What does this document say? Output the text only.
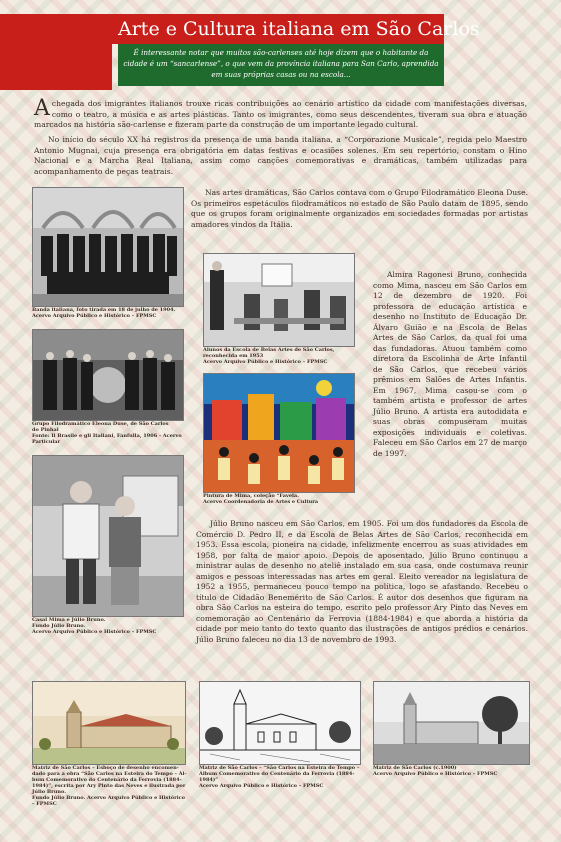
Arte e Cultura italiana em São Carlos
É interessante notar que muitos são-carlenses até hoje dizem que o habitante da cidade é um “sancarlense”, o que vem da província italiana para San Carlo, aprendida em suas próprias casas ou na escola...

Achegada dos imigrantes italianos trouxe ricas contribuições ao cenário artístico da cidade com manifestações diversas, como o teatro, a música e as artes plásticas. Tanto os imigrantes, como seus descendentes, tiveram sua obra e atuação marcados na história são-carlense e fizeram parte da construção de um importante legado cultural.

No início do século XX há registros da presença de uma banda italiana, a “Corporazione Musicale”, regida pelo Maestro Antonio Mugnai, cuja presença era obrigatória em datas festivas e ocasiões solenes. Em seu repertório, constam o Hino Nacional e a Marcha Real Italiana, assim como canções comemorativas e dramáticas, também utilizadas para acompanhamento de peças teatrais.

Banda italiana, foto tirada em 18 de julho de 1904.
Acervo Arquivo Público e Histórico – FPMSC
Grupo Filodramático Eleona Duse, de São Carlos
do Pinhal
Fonte: Il Brasile e gli Italiani, Fanfulla, 1906 - Acervo
Particular
Casal Mima e Júlio Bruno.
Fundo Júlio Bruno.
Acervo Arquivo Público e Histórico – FPMSC

Nas artes dramáticas, São Carlos contava com o Grupo Filodramático Eleona Duse. Os primeiros espetáculos filodramáticos no estado de São Paulo datam de 1895, sendo que os grupos foram originalmente organizados em sociedades formadas por artistas amadores vindos da Itália.

Alunos da Escola de Belas Artes de São Carlos,
reconhecida em 1953
Acervo Arquivo Público e Histórico – FPMSC
Pintura de Mima, coleção “Favela.
Acervo Coordenadoria de Artes e Cultura

Almira Ragonesi Bruno, conhecida como Mima, nasceu em São Carlos em 12 de dezembro de 1920. Foi professora de educação artística e desenho no Instituto de Educação Dr. Álvaro Guião e na Escola de Belas Artes de São Carlos, da qual foi uma das fundadoras. Atuou também como diretora da Escolinha de Arte Infantil de São Carlos, que recebeu vários prêmios em Salões de Artes Infantis. Em 1967, Mima casou-se com o também artista e professor de artes Júlio Bruno. A artista era autodidata e suas obras compuseram muitas exposições individuais e coletivas. Faleceu em São Carlos em 27 de março de 1997.

Júlio Bruno nasceu em São Carlos, em 1905. Foi um dos fundadores da Escola de Comércio D. Pedro II, e da Escola de Belas Artes de São Carlos, reconhecida em 1953. Essa escola, pioneira na cidade, infelizmente encerrou as suas atividades em 1958, por falta de maior apoio. Depois de aposentado, Júlio Bruno continuou a ministrar aulas de desenho no ateliê instalado em sua casa, onde costumava reunir amigos e pessoas interessadas nas artes em geral. Eleito vereador na legislatura de 1952 a 1955, permaneceu pouco tempo na política, logo se afastando. Recebeu o título de Cidadão Benemérito de São Carlos. É autor dos desenhos que figuram na obra São Carlos na esteira do tempo, escrito pelo professor Ary Pinto das Neves em comemoração ao Centenário da Ferrovia (1884-1984) e que aborda a história da cidade por meio tanto do texto quanto das ilustrações de antigos prédios e cenários. Júlio Bruno faleceu no dia 13 de novembro de 1993.

Matriz de São Carlos – Esboço de desenho encomen-
dado para a obra “São Carlos na Esteira do Tempo – Ál-
bum Comemorativo do Centenário da Ferrovia (1884-
1984)”, escrita por Ary Pinto das Neves e ilustrada por
Júlio Bruno.
Fundo Júlio Bruno. Acervo Arquivo Público e Histórico
– FPMSC
Matriz de São Carlos – “São Carlos na Esteira do Tempo –
Álbum Comemorativo do Centenário da Ferrovia (1884-
1984)”
Acervo Arquivo Público e Histórico – FPMSC
Matriz de São Carlos (c.1900)
Acervo Arquivo Público e Histórico – FPMSC
